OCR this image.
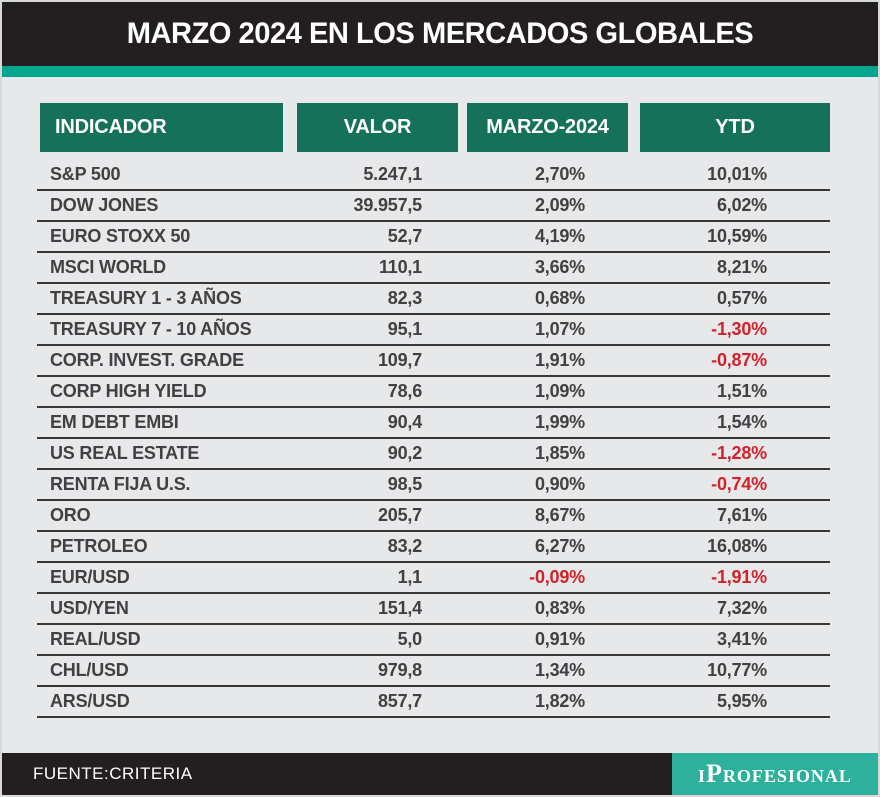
MARZO 2024 EN LOS MERCADOS GLOBALES
INDICADOR	VALOR	MARZO-2024	YTD
S&P 500	5.247,1	2,70%	10,01%
DOW JONES	39.957,5	2,09%	6,02%
EURO STOXX 50	52,7	4,19%	10,59%
MSCI WORLD	110,1	3,66%	8,21%
TREASURY 1 - 3 AÑOS	82,3	0,68%	0,57%
TREASURY 7 - 10 AÑOS	95,1	1,07%	-1,30%
CORP. INVEST. GRADE	109,7	1,91%	-0,87%
CORP HIGH YIELD	78,6	1,09%	1,51%
EM DEBT EMBI	90,4	1,99%	1,54%
US REAL ESTATE	90,2	1,85%	-1,28%
RENTA FIJA U.S.	98,5	0,90%	-0,74%
ORO	205,7	8,67%	7,61%
PETROLEO	83,2	6,27%	16,08%
EUR/USD	1,1	-0,09%	-1,91%
USD/YEN	151,4	0,83%	7,32%
REAL/USD	5,0	0,91%	3,41%
CHL/USD	979,8	1,34%	10,77%
ARS/USD	857,7	1,82%	5,95%
FUENTE:CRITERIA	iProfesional
